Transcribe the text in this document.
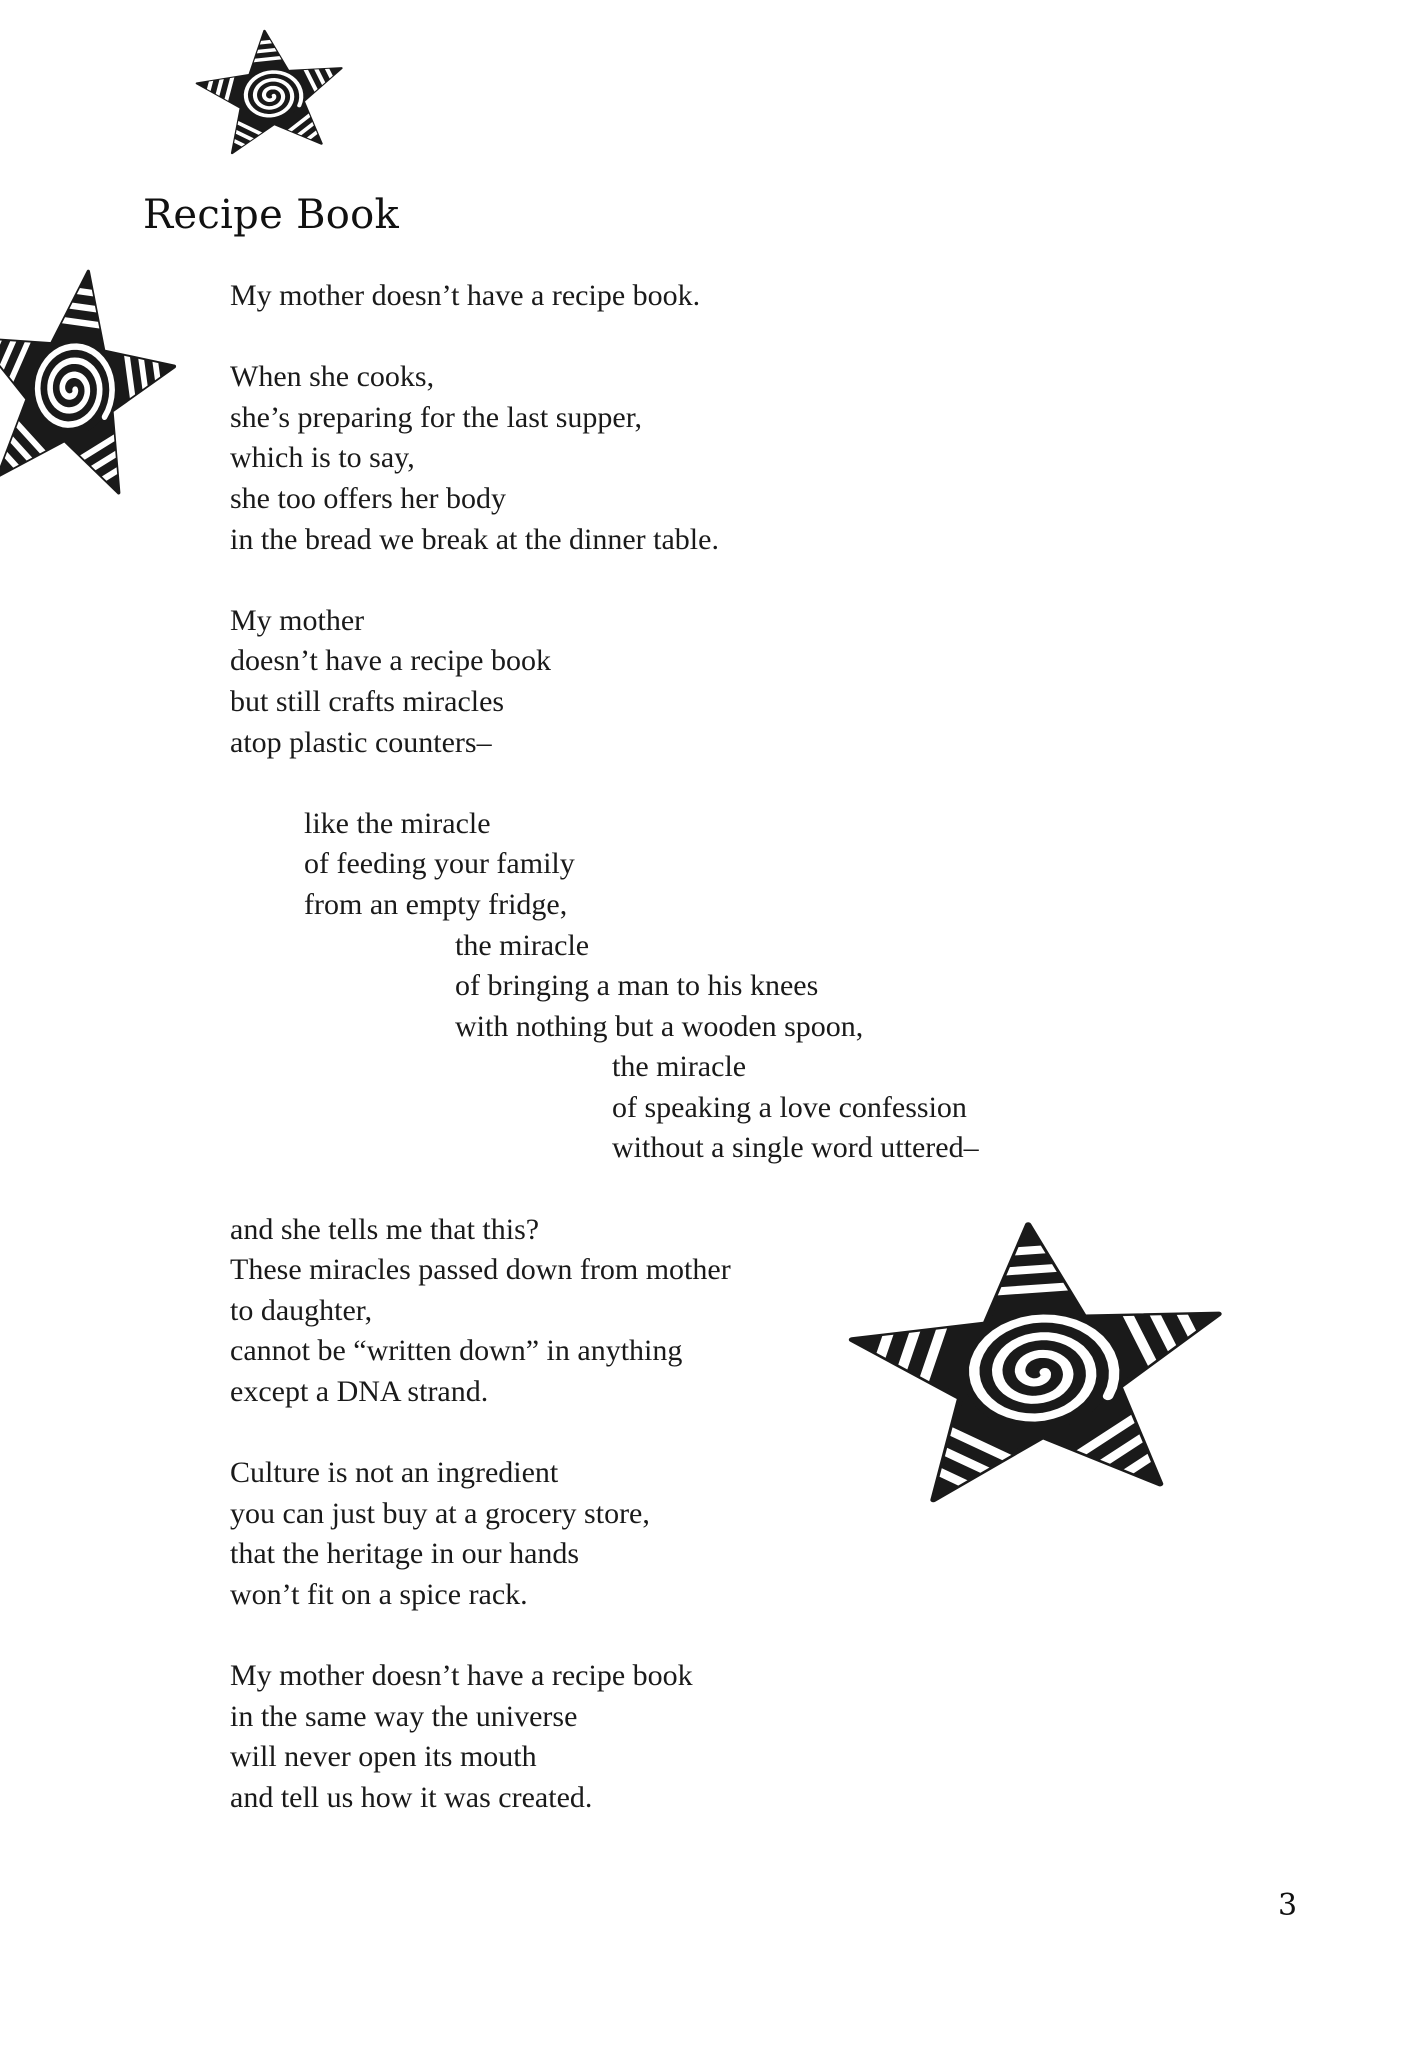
Recipe Book
My mother doesn’t have a recipe book.
When she cooks,
she’s preparing for the last supper,
which is to say,
she too offers her body
in the bread we break at the dinner table.
My mother
doesn’t have a recipe book
but still crafts miracles
atop plastic counters–
like the miracle
of feeding your family
from an empty fridge,
the miracle
of bringing a man to his knees
with nothing but a wooden spoon,
the miracle
of speaking a love confession
without a single word uttered–
and she tells me that this?
These miracles passed down from mother
to daughter,
cannot be “written down” in anything
except a DNA strand.
Culture is not an ingredient
you can just buy at a grocery store,
that the heritage in our hands
won’t fit on a spice rack.
My mother doesn’t have a recipe book
in the same way the universe
will never open its mouth
and tell us how it was created.
3
